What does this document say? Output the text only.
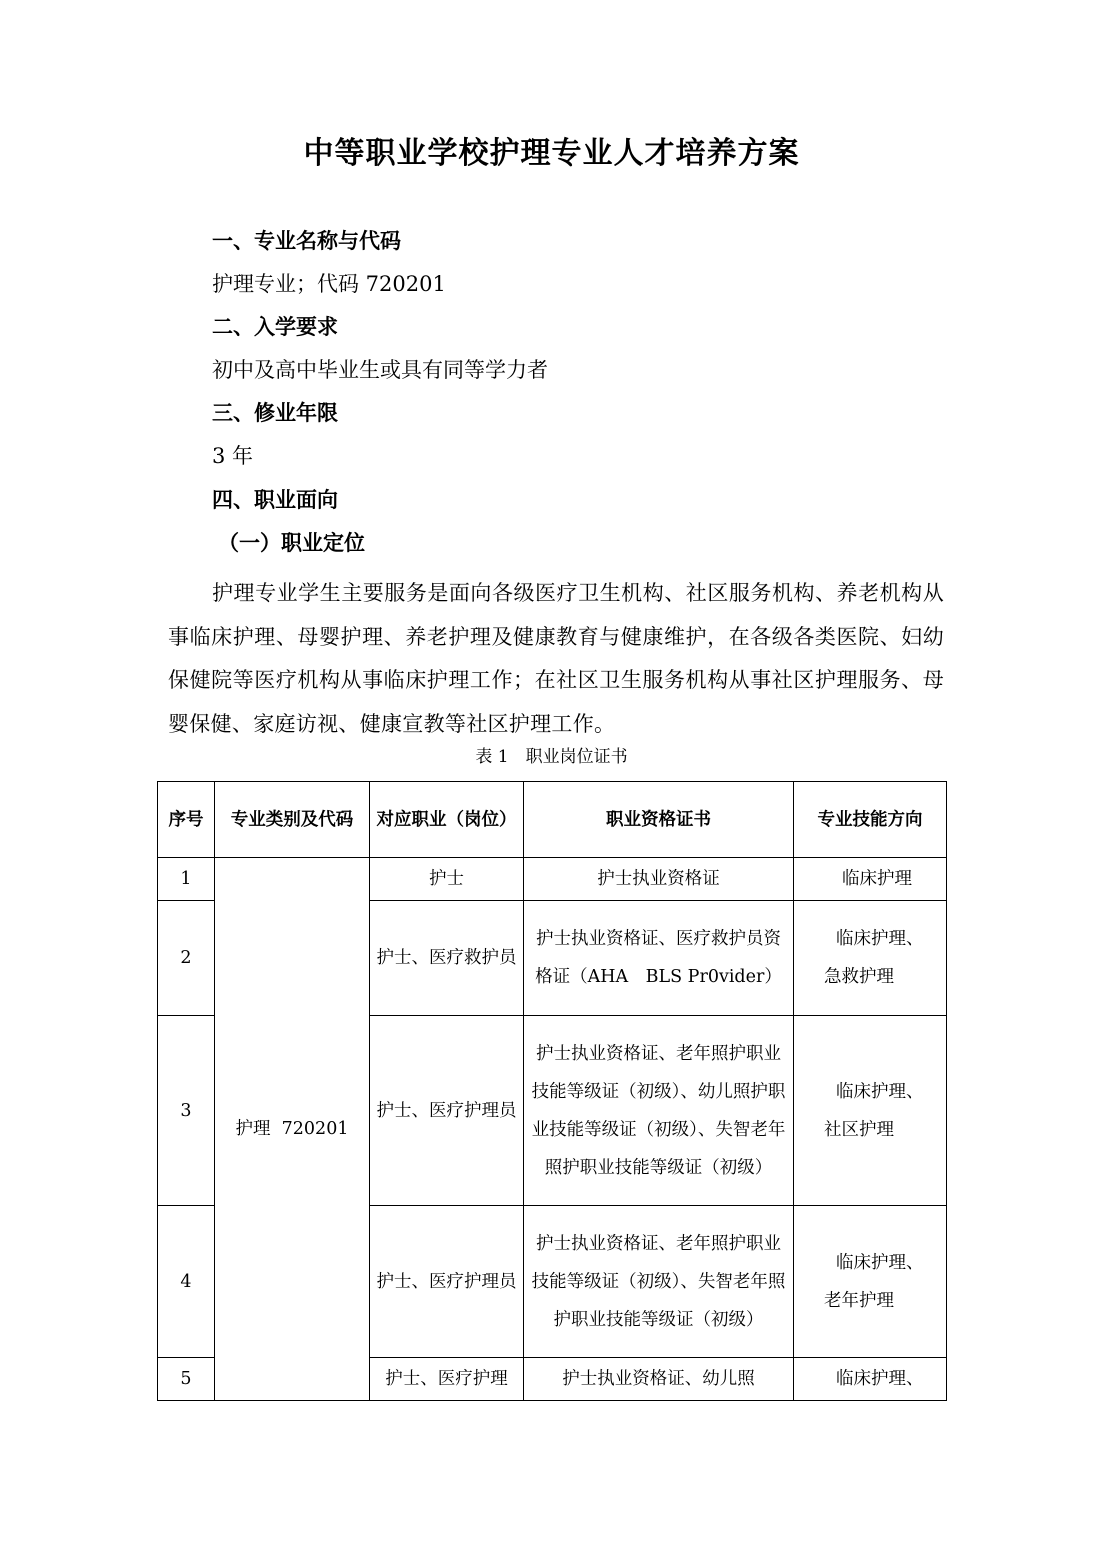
中等职业学校护理专业人才培养方案
一、专业名称与代码
护理专业；代码 720201
二、入学要求
初中及高中毕业生或具有同等学力者
三、修业年限
3 年
四、职业面向
（一）职业定位
护理专业学生主要服务是面向各级医疗卫生机构、社区服务机构、养老机构从事临床护理、母婴护理、养老护理及健康教育与健康维护，在各级各类医院、妇幼保健院等医疗机构从事临床护理工作；在社区卫生服务机构从事社区护理服务、母婴保健、家庭访视、健康宣教等社区护理工作。
表 1　职业岗位证书
序号	专业类别及代码	对应职业（岗位）	职业资格证书	专业技能方向
1	护理  720201	护士	护士执业资格证	临床护理

2		护士、医疗救护员	护士执业资格证、医疗救护员资格证（AHA　BLS Pr0vider）	临床护理、
急救护理
3		护士、医疗护理员	护士执业资格证、老年照护职业技能等级证（初级）、幼儿照护职业技能等级证（初级）、失智老年照护职业技能等级证（初级）	临床护理、
社区护理
4		护士、医疗护理员	护士执业资格证、老年照护职业技能等级证（初级）、失智老年照护职业技能等级证（初级）	临床护理、
老年护理
5		护士、医疗护理	护士执业资格证、幼儿照	临床护理、
